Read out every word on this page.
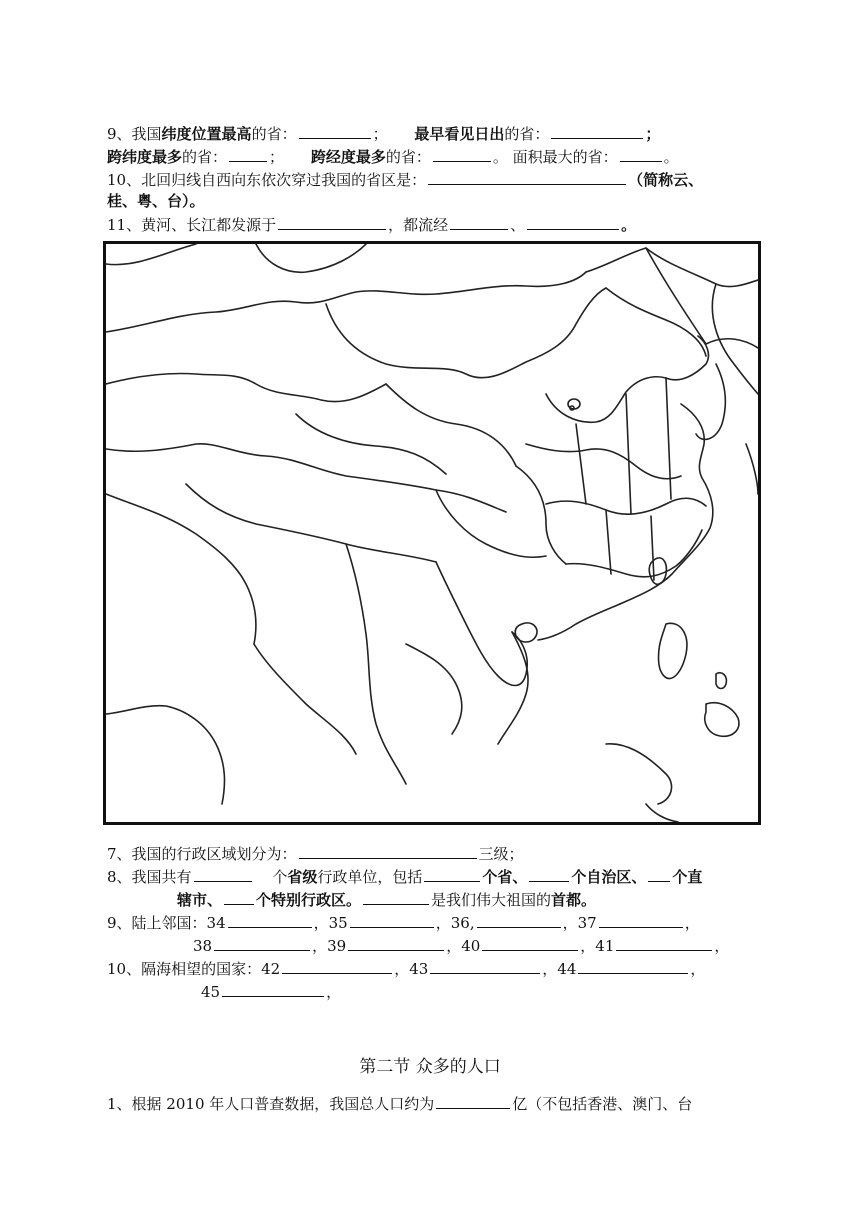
9、我国纬度位置最高的省：	； 最早看见日出的省：	；
跨纬度最多的省：	； 跨经度最多的省：	。 面积最大的省：	。
10、北回归线自西向东依次穿过我国的省区是：	（简称云、
桂、粤、台）。
11、黄河、长江都发源于	，都流经	、	。
7、我国的行政区域划分为：	三级；
8、我国共有	个省级行政单位，包括	个省、	个自治区、 个直
辖市、 个特别行政区。	是我们伟大祖国的首都。
9、陆上邻国：34	，35	，36,	，37	，
38	，39	，40	，41	，
10、隔海相望的国家：42	，43	，44	，
45	，
第二节 众多的人口
1、根据 2010 年人口普查数据，我国总人口约为	亿（不包括香港、澳门、台
